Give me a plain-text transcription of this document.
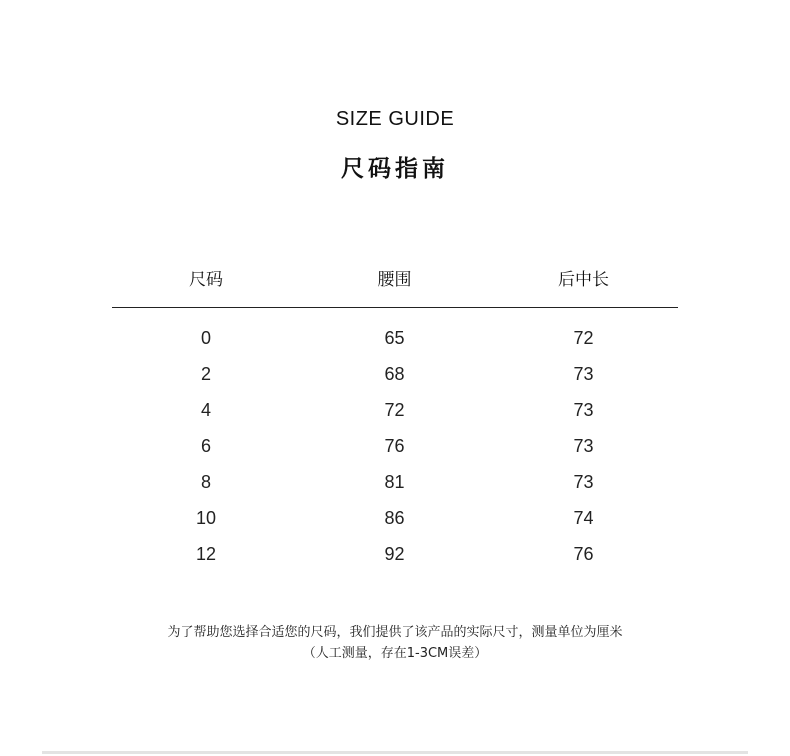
SIZE GUIDE
尺码指南
尺码	腰围	后中长
0	65	72
2	68	73
4	72	73
6	76	73
8	81	73
10	86	74
12	92	76
为了帮助您选择合适您的尺码，我们提供了该产品的实际尺寸，测量单位为厘米
（人工测量，存在1-3CM误差）
